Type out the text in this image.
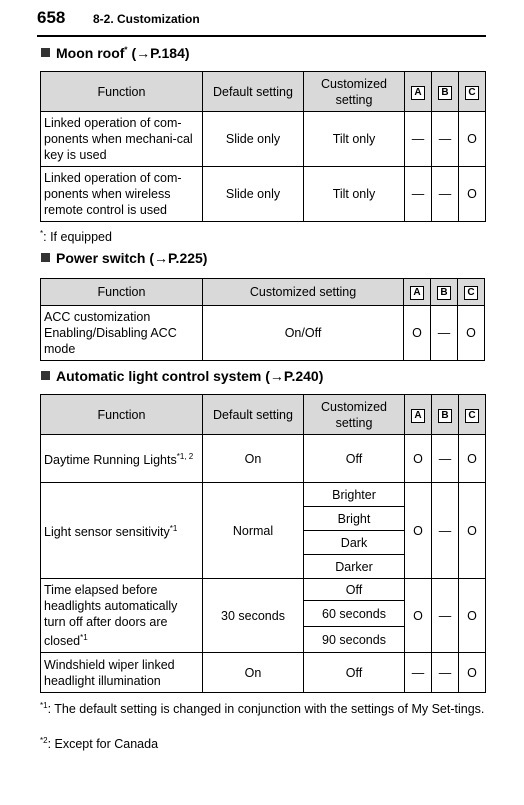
658 8-2. Customization
Moon roof* (→P.184)
Function	Default setting	Customized setting	A	B	C
Linked operation of com-ponents when mechani-cal key is used	Slide only	Tilt only	—	—	O
Linked operation of com-ponents when wireless remote control is used	Slide only	Tilt only	—	—	O
*: If equipped
Power switch (→P.225)
Function	Customized setting	A	B	C
ACC customization Enabling/Disabling ACC mode	On/Off	O	—	O
Automatic light control system (→P.240)
Function	Default setting	Customized setting	A	B	C
Daytime Running Lights$^{*1, 2}$	On	Off	O	—	O
Light sensor sensitivity$^{*1}$	Normal	Brighter	O	—	O
		Bright			
		Dark			
		Darker			
Time elapsed before headlights automatically turn off after doors are closed$^{*1}$	30 seconds	Off	O	—	O
		60 seconds			
		90 seconds			
Windshield wiper linked headlight illumination	On	Off	—	—	O
$^{*1}$: The default setting is changed in conjunction with the settings of My Set-tings.
$^{*2}$: Except for Canada
